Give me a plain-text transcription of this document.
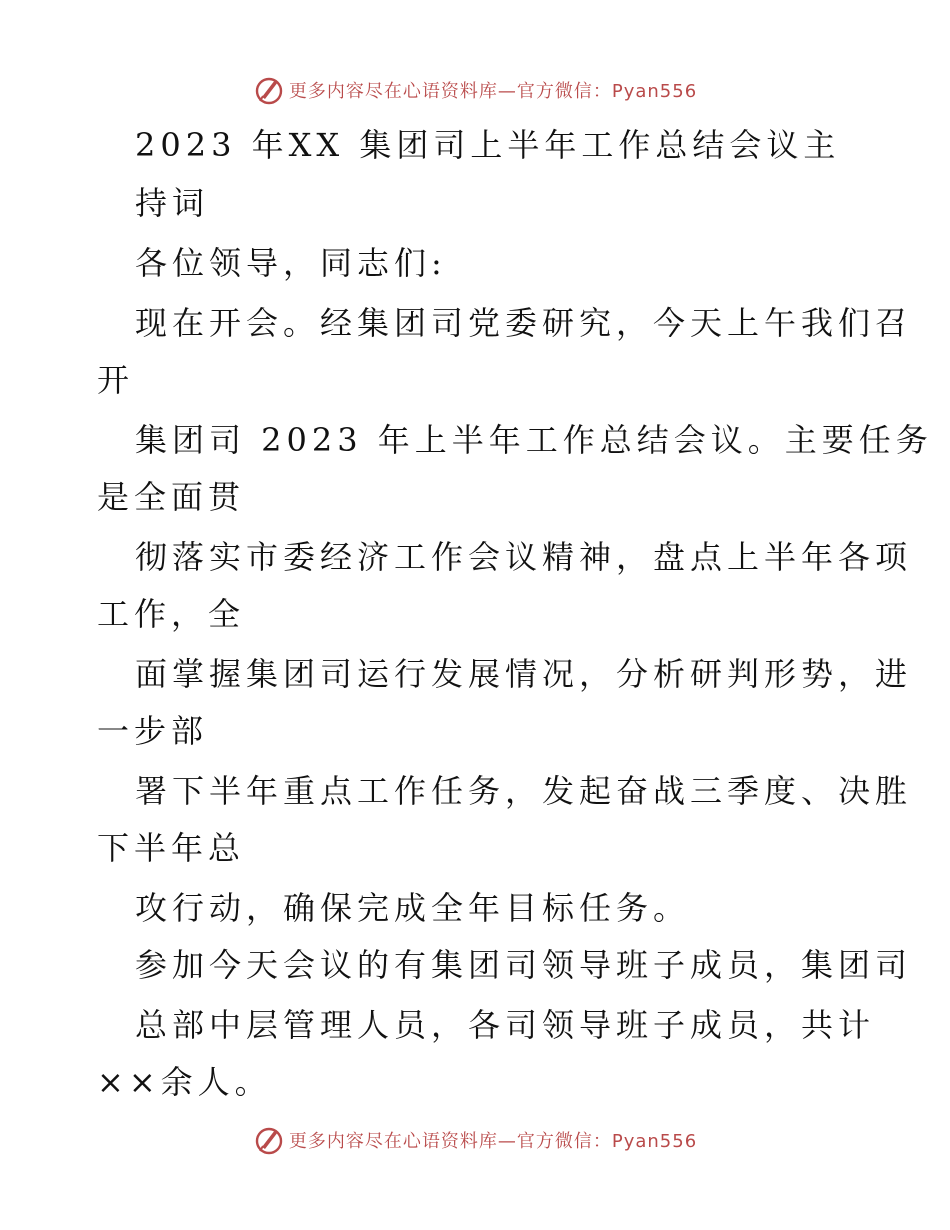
更多内容尽在心语资料库—官方微信：Pyan556
2023 年XX 集团司上半年工作总结会议主
持词
各位领导，同志们:
现在开会。经集团司党委研究，今天上午我们召
开
集团司 2023 年上半年工作总结会议。主要任务
是全面贯
彻落实市委经济工作会议精神，盘点上半年各项
工作，全
面掌握集团司运行发展情况，分析研判形势，进
一步部
署下半年重点工作任务，发起奋战三季度、决胜
下半年总
攻行动，确保完成全年目标任务。
参加今天会议的有集团司领导班子成员，集团司
总部中层管理人员，各司领导班子成员，共计
××余人。
更多内容尽在心语资料库—官方微信：Pyan556
